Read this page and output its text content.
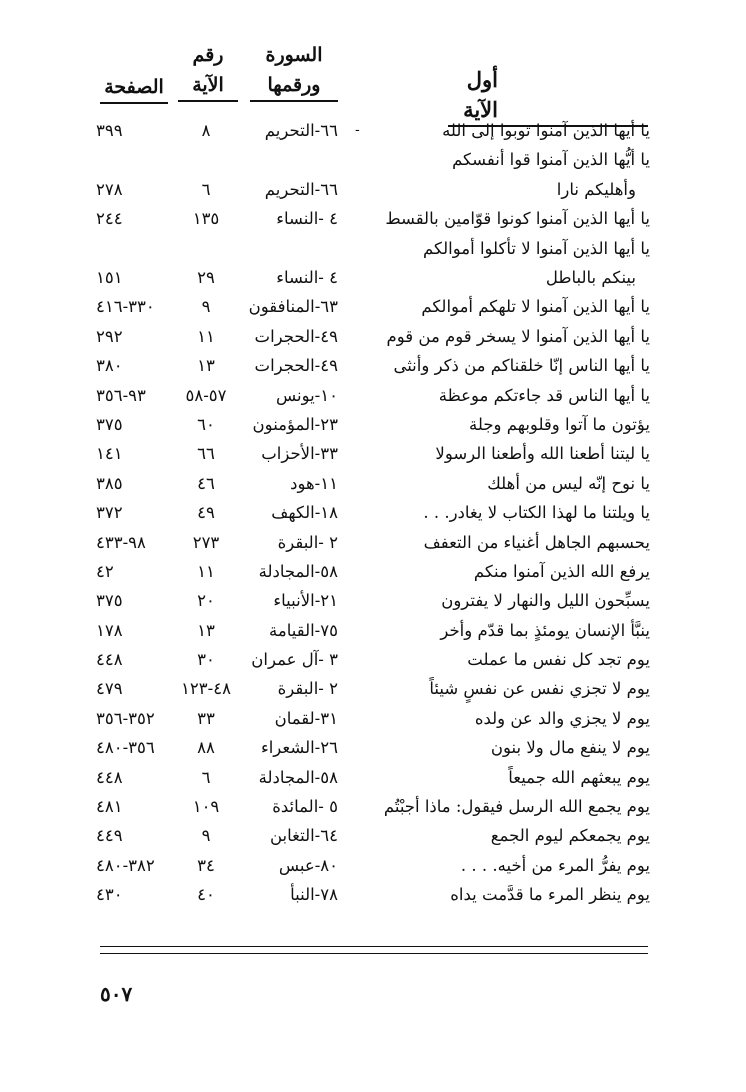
أول الآية
السورة
ورقمها
رقم
الآية
الصفحة
-	يا أيها الذين آمنوا توبوا إلى الله
٦٦-التحريم
٨
٣٩٩
يا أيُّها الذين آمنوا قوا أنفسكم
وأهليكم نارا
٦٦-التحريم
٦
٢٧٨
يا أيها الذين آمنوا كونوا قوّامين بالقسط
٤ -النساء
١٣٥
٢٤٤
يا أيها الذين آمنوا لا تأكلوا أموالكم
بينكم بالباطل
٤ -النساء
٢٩
١٥١
يا أيها الذين آمنوا لا تلهكم أموالكم
٦٣-المنافقون
٩
٣٣٠-٤١٦
يا أيها الذين آمنوا لا يسخر قوم من قوم
٤٩-الحجرات
١١
٢٩٢
يا أيها الناس إنّا خلقناكم من ذكر وأنثى
٤٩-الحجرات
١٣
٣٨٠
يا أيها الناس قد جاءتكم موعظة
١٠-يونس
٥٧-٥٨
٩٣-٣٥٦
يؤتون ما آتوا وقلوبهم وجلة
٢٣-المؤمنون
٦٠
٣٧٥
يا ليتنا أطعنا الله وأطعنا الرسولا
٣٣-الأحزاب
٦٦
١٤١
يا نوح إنّه ليس من أهلك
١١-هود
٤٦
٣٨٥
يا ويلتنا ما لهذا الكتاب لا يغادر. . .
١٨-الكهف
٤٩
٣٧٢
يحسبهم الجاهل أغنياء من التعفف
٢ -البقرة
٢٧٣
٩٨-٤٣٣
يرفع الله الذين آمنوا منكم
٥٨-المجادلة
١١
٤٢
يسبِّحون الليل والنهار لا يفترون
٢١-الأنبياء
٢٠
٣٧٥
ينبَّأ الإنسان يومئذٍ بما قدّم وأخر
٧٥-القيامة
١٣
١٧٨
يوم تجد كل نفس ما عملت
٣ -آل عمران
٣٠
٤٤٨
يوم لا تجزي نفس عن نفسٍ شيئاً
٢ -البقرة
٤٨-١٢٣
٤٧٩
يوم لا يجزي والد عن ولده
٣١-لقمان
٣٣
٣٥٢-٣٥٦
يوم لا ينفع مال ولا بنون
٢٦-الشعراء
٨٨
٣٥٦-٤٨٠
يوم يبعثهم الله جميعاً
٥٨-المجادلة
٦
٤٤٨
يوم يجمع الله الرسل فيقول: ماذا أجبْتُم
٥ -المائدة
١٠٩
٤٨١
يوم يجمعكم ليوم الجمع
٦٤-التغابن
٩
٤٤٩
يوم يفرُّ المرء من أخيه. . . .
٨٠-عبس
٣٤
٣٨٢-٤٨٠
يوم ينظر المرء ما قدَّمت يداه
٧٨-النبأ
٤٠
٤٣٠
٥٠٧
